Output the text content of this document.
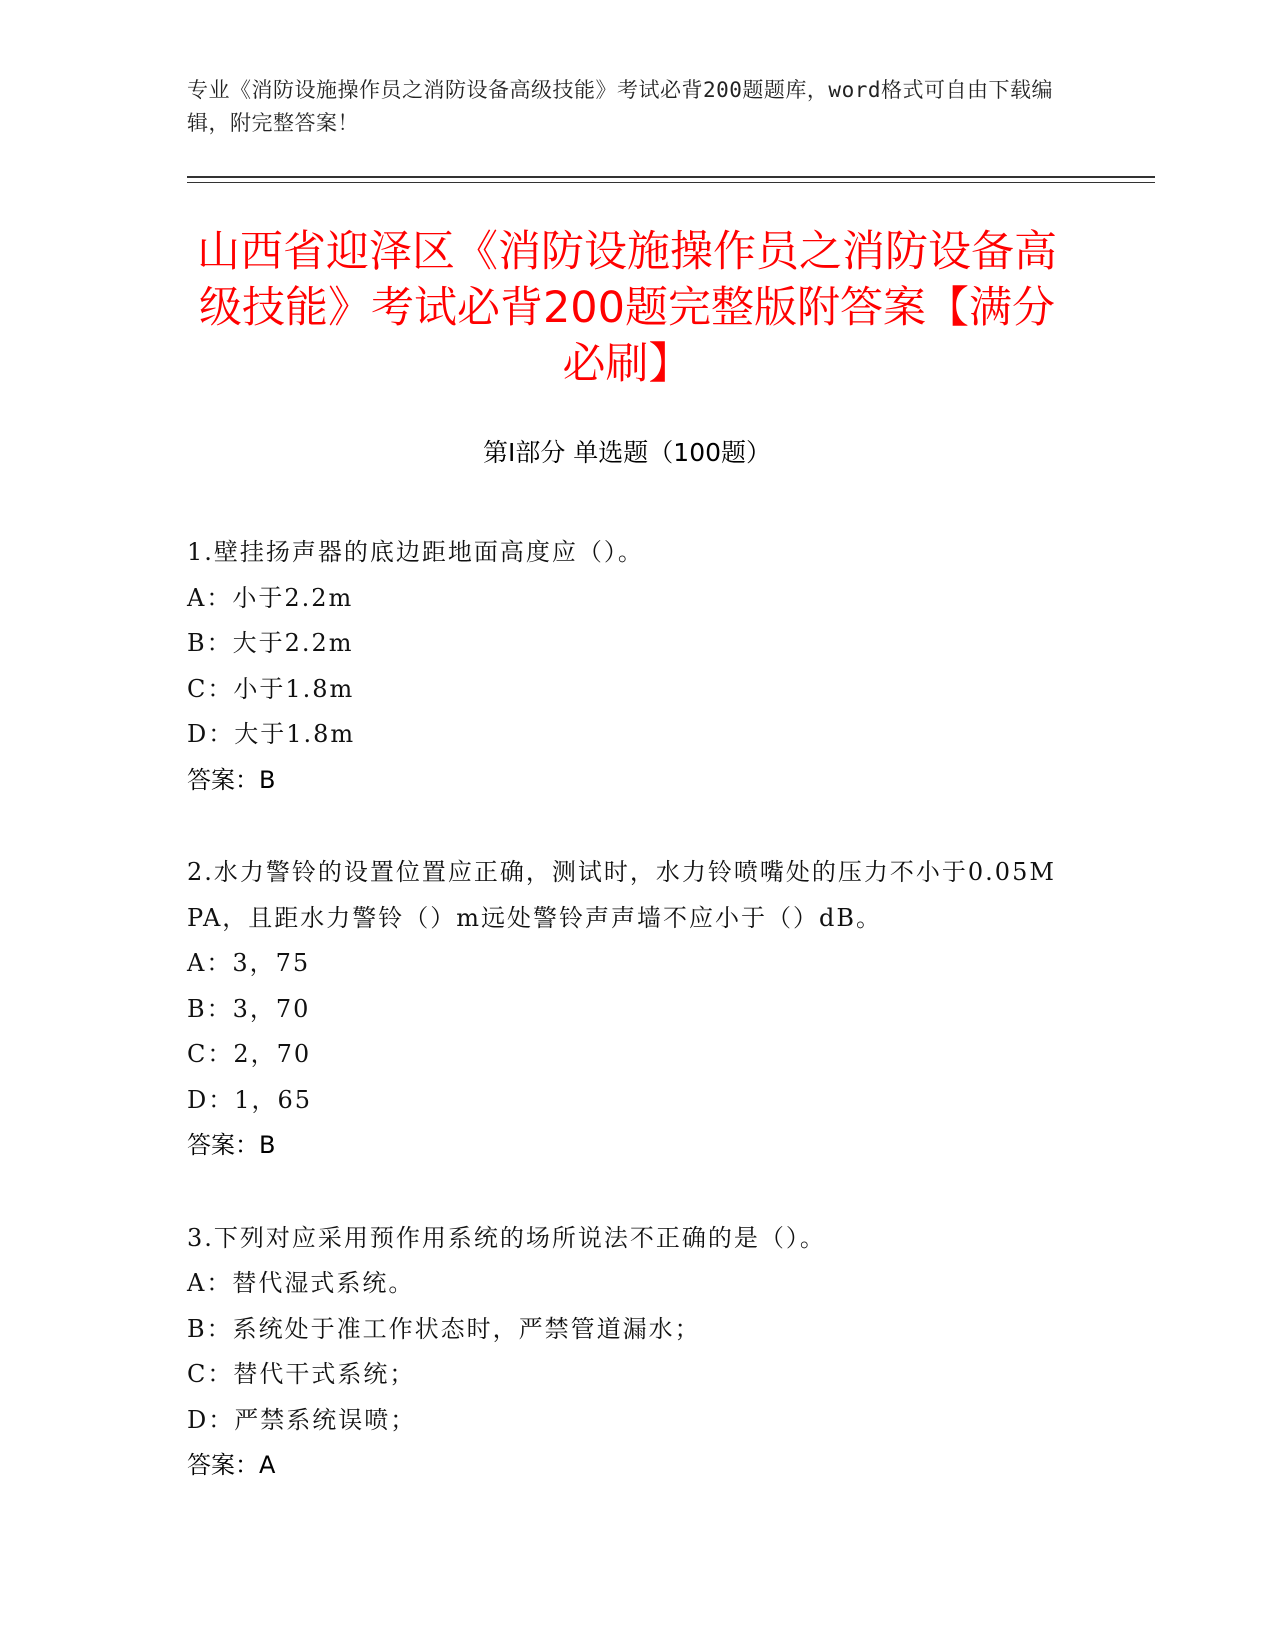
专业《消防设施操作员之消防设备高级技能》考试必背200题题库，word格式可自由下载编辑，附完整答案！
山西省迎泽区《消防设施操作员之消防设备高级技能》考试必背200题完整版附答案【满分必刷】
第Ⅰ部分 单选题（100题）
1.壁挂扬声器的底边距地面高度应（）。
A：小于2.2m
B：大于2.2m
C：小于1.8m
D：大于1.8m
答案：B
2.水力警铃的设置位置应正确，测试时，水力铃喷嘴处的压力不小于0.05MPA，且距水力警铃（）m远处警铃声声墙不应小于（）dB。
A：3，75
B：3，70
C：2，70
D：1，65
答案：B
3.下列对应采用预作用系统的场所说法不正确的是（）。
A：替代湿式系统。
B：系统处于准工作状态时，严禁管道漏水；
C：替代干式系统；
D：严禁系统误喷；
答案：A
